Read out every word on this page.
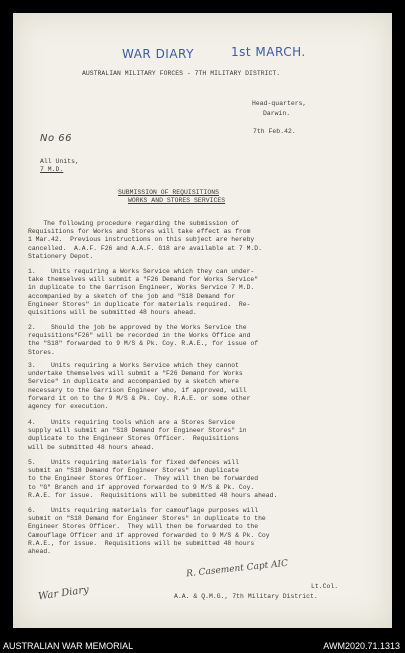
WAR DIARY	1st MARCH.
AUSTRALIAN MILITARY FORCES - 7TH MILITARY DISTRICT.
Head-quarters,
Darwin.
7th Feb.42.
No 66
All Units,
7 M.D.
SUBMISSION OF REQUISITIONS
WORKS AND STORES SERVICES
The following procedure regarding the submission of
Requisitions for Works and Stores will take effect as from
1 Mar.42.  Previous instructions on this subject are hereby
cancelled.  A.A.F. F26 and A.A.F. G18 are available at 7 M.D.
Stationery Depot.
1.    Units requiring a Works Service which they can under-
take themselves will submit a "F26 Demand for Works Service"
in duplicate to the Garrison Engineer, Works Service 7 M.D.
accompanied by a sketch of the job and "S18 Demand for
Engineer Stores" in duplicate for materials required.  Re-
quisitions will be submitted 48 hours ahead.
2.    Should the job be approved by the Works Service the
requisitions"F26" will be recorded in the Works Office and
the "S18" forwarded to 9 M/S & Pk. Coy. R.A.E., for issue of
Stores.
3.    Units requiring a Works Service which they cannot
undertake themselves will submit a "F26 Demand for Works
Service" in duplicate and accompanied by a sketch where
necessary to the Garrison Engineer who, if approved, will
forward it on to the 9 M/S & Pk. Coy. R.A.E. or some other
agency for execution.
4.    Units requiring tools which are a Stores Service
supply will submit an "S18 Demand for Engineer Stores" in
duplicate to the Engineer Stores Officer.  Requisitions
will be submitted 48 hours ahead.
5.    Units requiring materials for fixed defences will
submit an "S18 Demand for Engineer Stores" in duplicate
to the Engineer Stores Officer.  They will then be forwarded
to "G" Branch and if approved forwarded to 9 M/S & Pk. Coy.
R.A.E. for issue.  Requisitions will be submitted 48 hours ahead.
6.    Units requiring materials for camouflage purposes will
submit on "S18 Demand for Engineer Stores" in duplicate to the
Engineer Stores Officer.  They will then be forwarded to the
Camouflage Officer and if approved forwarded to 9 M/S & Pk. Coy
R.A.E., for issue.  Requisitions will be submitted 48 hours
ahead.
R. Casement Capt AIC
War Diary	Lt.Col.
A.A. & Q.M.G., 7th Military District.
AUSTRALIAN WAR MEMORIAL	AWM2020.71.1313
